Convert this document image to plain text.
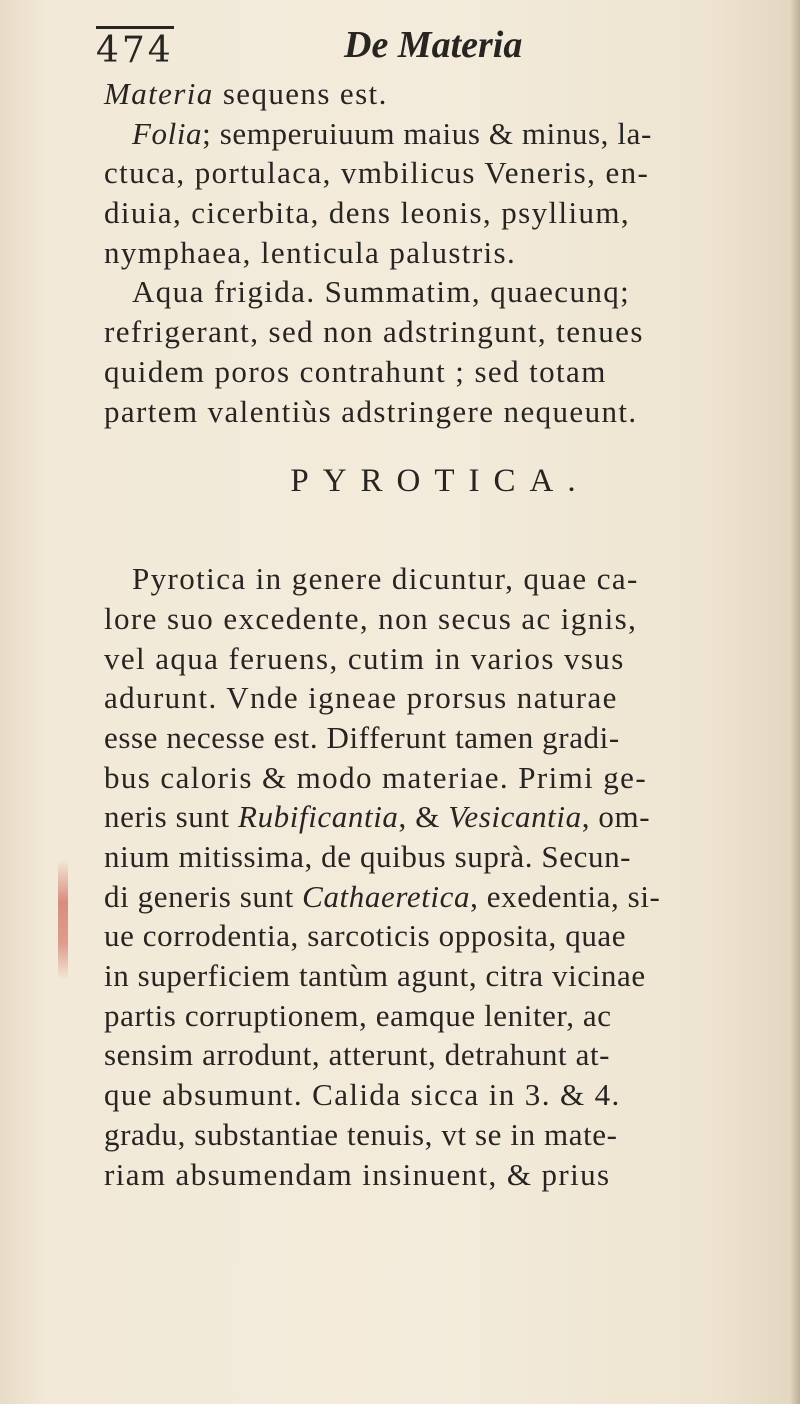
474	De Materia
Materia sequens est.
Folia; semperuiuum maius & minus, la-
ctuca, portulaca, vmbilicus Veneris, en-
diuia, cicerbita, dens leonis, psyllium,
nymphaea, lenticula palustris.
Aqua frigida. Summatim, quaecunq;
refrigerant, sed non adstringunt, tenues
quidem poros contrahunt ; sed totam
partem valentiùs adstringere nequeunt.
PYROTICA.
Pyrotica in genere dicuntur, quae ca-
lore suo excedente, non secus ac ignis,
vel aqua feruens, cutim in varios vsus
adurunt. Vnde igneae prorsus naturae
esse necesse est. Differunt tamen gradi-
bus caloris & modo materiae. Primi ge-
neris sunt Rubificantia, & Vesicantia, om-
nium mitissima, de quibus suprà. Secun-
di generis sunt Cathaeretica, exedentia, si-
ue corrodentia, sarcoticis opposita, quae
in superficiem tantùm agunt, citra vicinae
partis corruptionem, eamque leniter, ac
sensim arrodunt, atterunt, detrahunt at-
que absumunt. Calida sicca in 3. & 4.
gradu, substantiae tenuis, vt se in mate-
riam absumendam insinuent, & prius
